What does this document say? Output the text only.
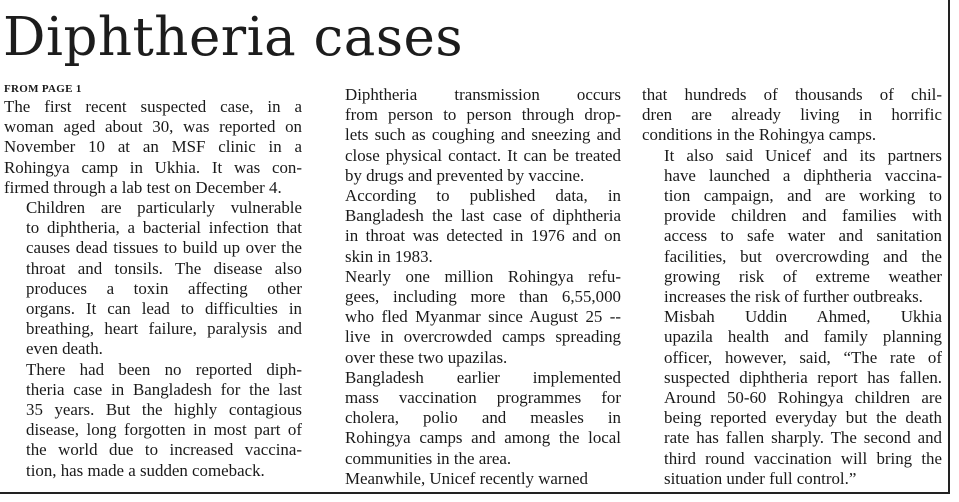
Diphtheria cases

FROM PAGE 1

The first recent suspected case, in a
woman aged about 30, was reported on
November 10 at an MSF clinic in a
Rohingya camp in Ukhia. It was con-
firmed through a lab test on December 4.

Children are particularly vulnerable
to diphtheria, a bacterial infection that
causes dead tissues to build up over the
throat and tonsils. The disease also
produces a toxin affecting other
organs. It can lead to difficulties in
breathing, heart failure, paralysis and
even death.

There had been no reported diph-
theria case in Bangladesh for the last
35 years. But the highly contagious
disease, long forgotten in most part of
the world due to increased vaccina-
tion, has made a sudden comeback.

Diphtheria transmission occurs
from person to person through drop-
lets such as coughing and sneezing and
close physical contact. It can be treated
by drugs and prevented by vaccine.

According to published data, in
Bangladesh the last case of diphtheria
in throat was detected in 1976 and on
skin in 1983.

Nearly one million Rohingya refu-
gees, including more than 6,55,000
who fled Myanmar since August 25 --
live in overcrowded camps spreading
over these two upazilas.

Bangladesh earlier implemented
mass vaccination programmes for
cholera, polio and measles in
Rohingya camps and among the local
communities in the area.

Meanwhile, Unicef recently warned

that hundreds of thousands of chil-
dren are already living in horrific
conditions in the Rohingya camps.

It also said Unicef and its partners
have launched a diphtheria vaccina-
tion campaign, and are working to
provide children and families with
access to safe water and sanitation
facilities, but overcrowding and the
growing risk of extreme weather
increases the risk of further outbreaks.

Misbah Uddin Ahmed, Ukhia
upazila health and family planning
officer, however, said, “The rate of
suspected diphtheria report has fallen.
Around 50-60 Rohingya children are
being reported everyday but the death
rate has fallen sharply. The second and
third round vaccination will bring the
situation under full control.”
